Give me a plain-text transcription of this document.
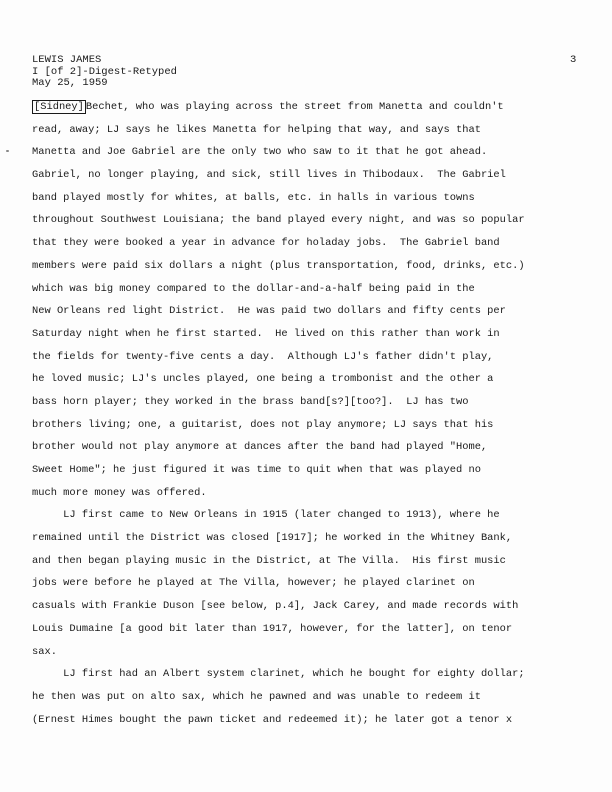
LEWIS JAMES
I [of 2]-Digest-Retyped
May 25, 1959
3
[Sidney] Bechet, who was playing across the street from Manetta and couldn't
read, away; LJ says he likes Manetta for helping that way, and says that
Manetta and Joe Gabriel are the only two who saw to it that he got ahead.
Gabriel, no longer playing, and sick, still lives in Thibodaux.  The Gabriel
band played mostly for whites, at balls, etc. in halls in various towns
throughout Southwest Louisiana; the band played every night, and was so popular
that they were booked a year in advance for holaday jobs.  The Gabriel band
members were paid six dollars a night (plus transportation, food, drinks, etc.)
which was big money compared to the dollar-and-a-half being paid in the
New Orleans red light District.  He was paid two dollars and fifty cents per
Saturday night when he first started.  He lived on this rather than work in
the fields for twenty-five cents a day.  Although LJ's father didn't play,
he loved music; LJ's uncles played, one being a trombonist and the other a
bass horn player; they worked in the brass band[s?][too?].  LJ has two
brothers living; one, a guitarist, does not play anymore; LJ says that his
brother would not play anymore at dances after the band had played "Home,
Sweet Home"; he just figured it was time to quit when that was played no
much more money was offered.
LJ first came to New Orleans in 1915 (later changed to 1913), where he
remained until the District was closed [1917]; he worked in the Whitney Bank,
and then began playing music in the District, at The Villa.  His first music
jobs were before he played at The Villa, however; he played clarinet on
casuals with Frankie Duson [see below, p.4], Jack Carey, and made records with
Louis Dumaine [a good bit later than 1917, however, for the latter], on tenor
sax.
LJ first had an Albert system clarinet, which he bought for eighty dollar;
he then was put on alto sax, which he pawned and was unable to redeem it
(Ernest Himes bought the pawn ticket and redeemed it); he later got a tenor x
